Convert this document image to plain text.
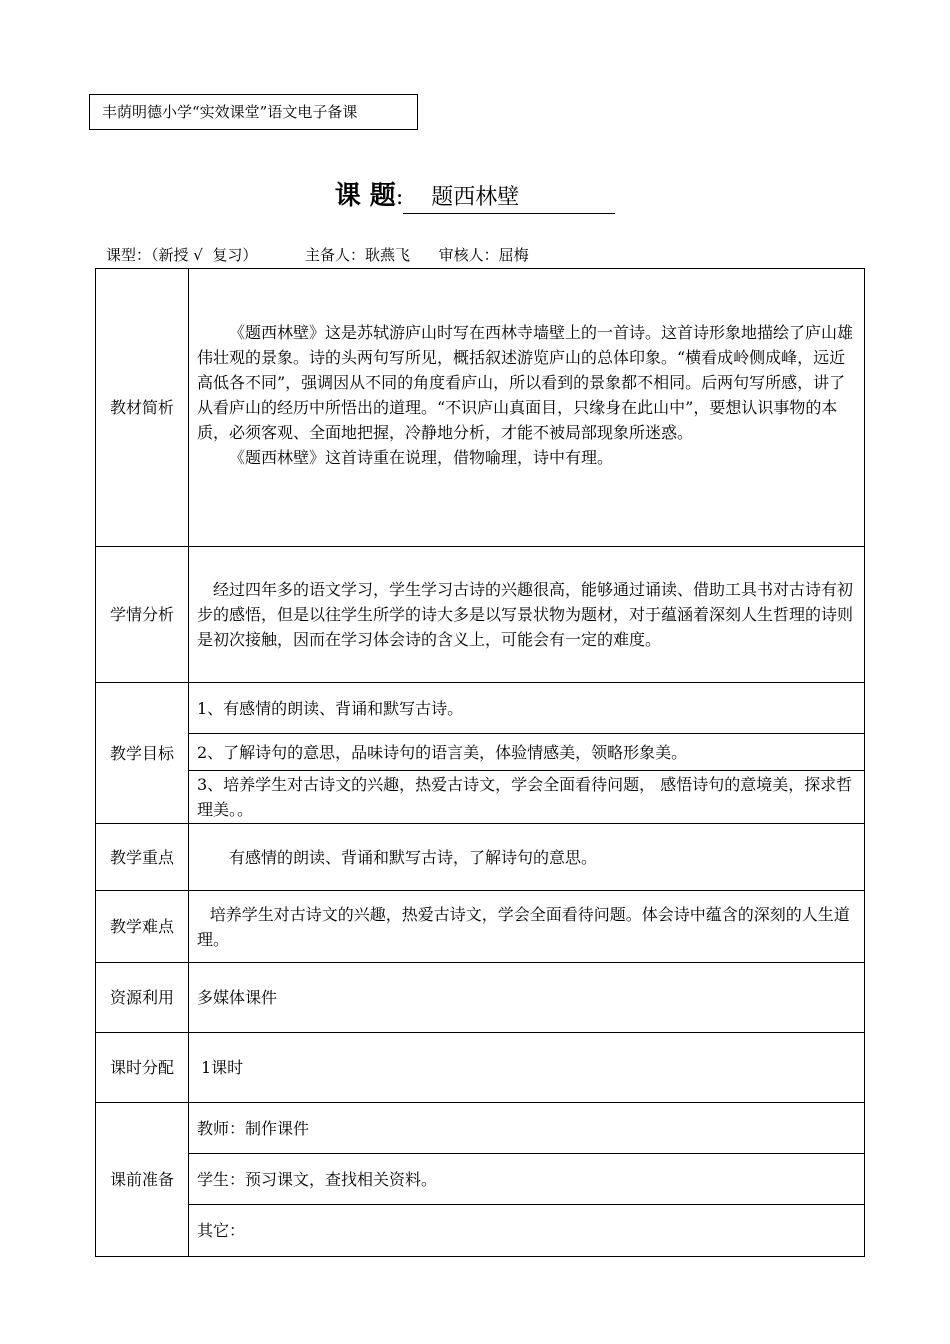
丰荫明德小学“实效课堂”语文电子备课
课 题: 题西林壁
课型：（新授 √  复习）          主备人：耿燕飞      审核人：屈梅
教材简析	《题西林壁》这是苏轼游庐山时写在西林寺墙壁上的一首诗。这首诗形象地描绘了庐山雄伟壮观的景象。诗的头两句写所见，概括叙述游览庐山的总体印象。“横看成岭侧成峰，远近高低各不同”，强调因从不同的角度看庐山，所以看到的景象都不相同。后两句写所感，讲了从看庐山的经历中所悟出的道理。“不识庐山真面目，只缘身在此山中”，要想认识事物的本质，必须客观、全面地把握，冷静地分析，才能不被局部现象所迷惑。

《题西林壁》这首诗重在说理，借物喻理，诗中有理。

学情分析	经过四年多的语文学习，学生学习古诗的兴趣很高，能够通过诵读、借助工具书对古诗有初步的感悟，但是以往学生所学的诗大多是以写景状物为题材，对于蕴涵着深刻人生哲理的诗则是初次接触，因而在学习体会诗的含义上，可能会有一定的难度。

教学目标	1、有感情的朗读、背诵和默写古诗。
	2、了解诗句的意思，品味诗句的语言美，体验情感美，领略形象美。
	3、培养学生对古诗文的兴趣，热爱古诗文，学会全面看待问题， 感悟诗句的意境美，探求哲理美。。
教学重点	有感情的朗读、背诵和默写古诗，了解诗句的意思。

教学难点	培养学生对古诗文的兴趣，热爱古诗文，学会全面看待问题。体会诗中蕴含的深刻的人生道理。

资源利用	多媒体课件
课时分配	1课时
课前准备	教师：制作课件
	学生：预习课文，查找相关资料。
	其它：
